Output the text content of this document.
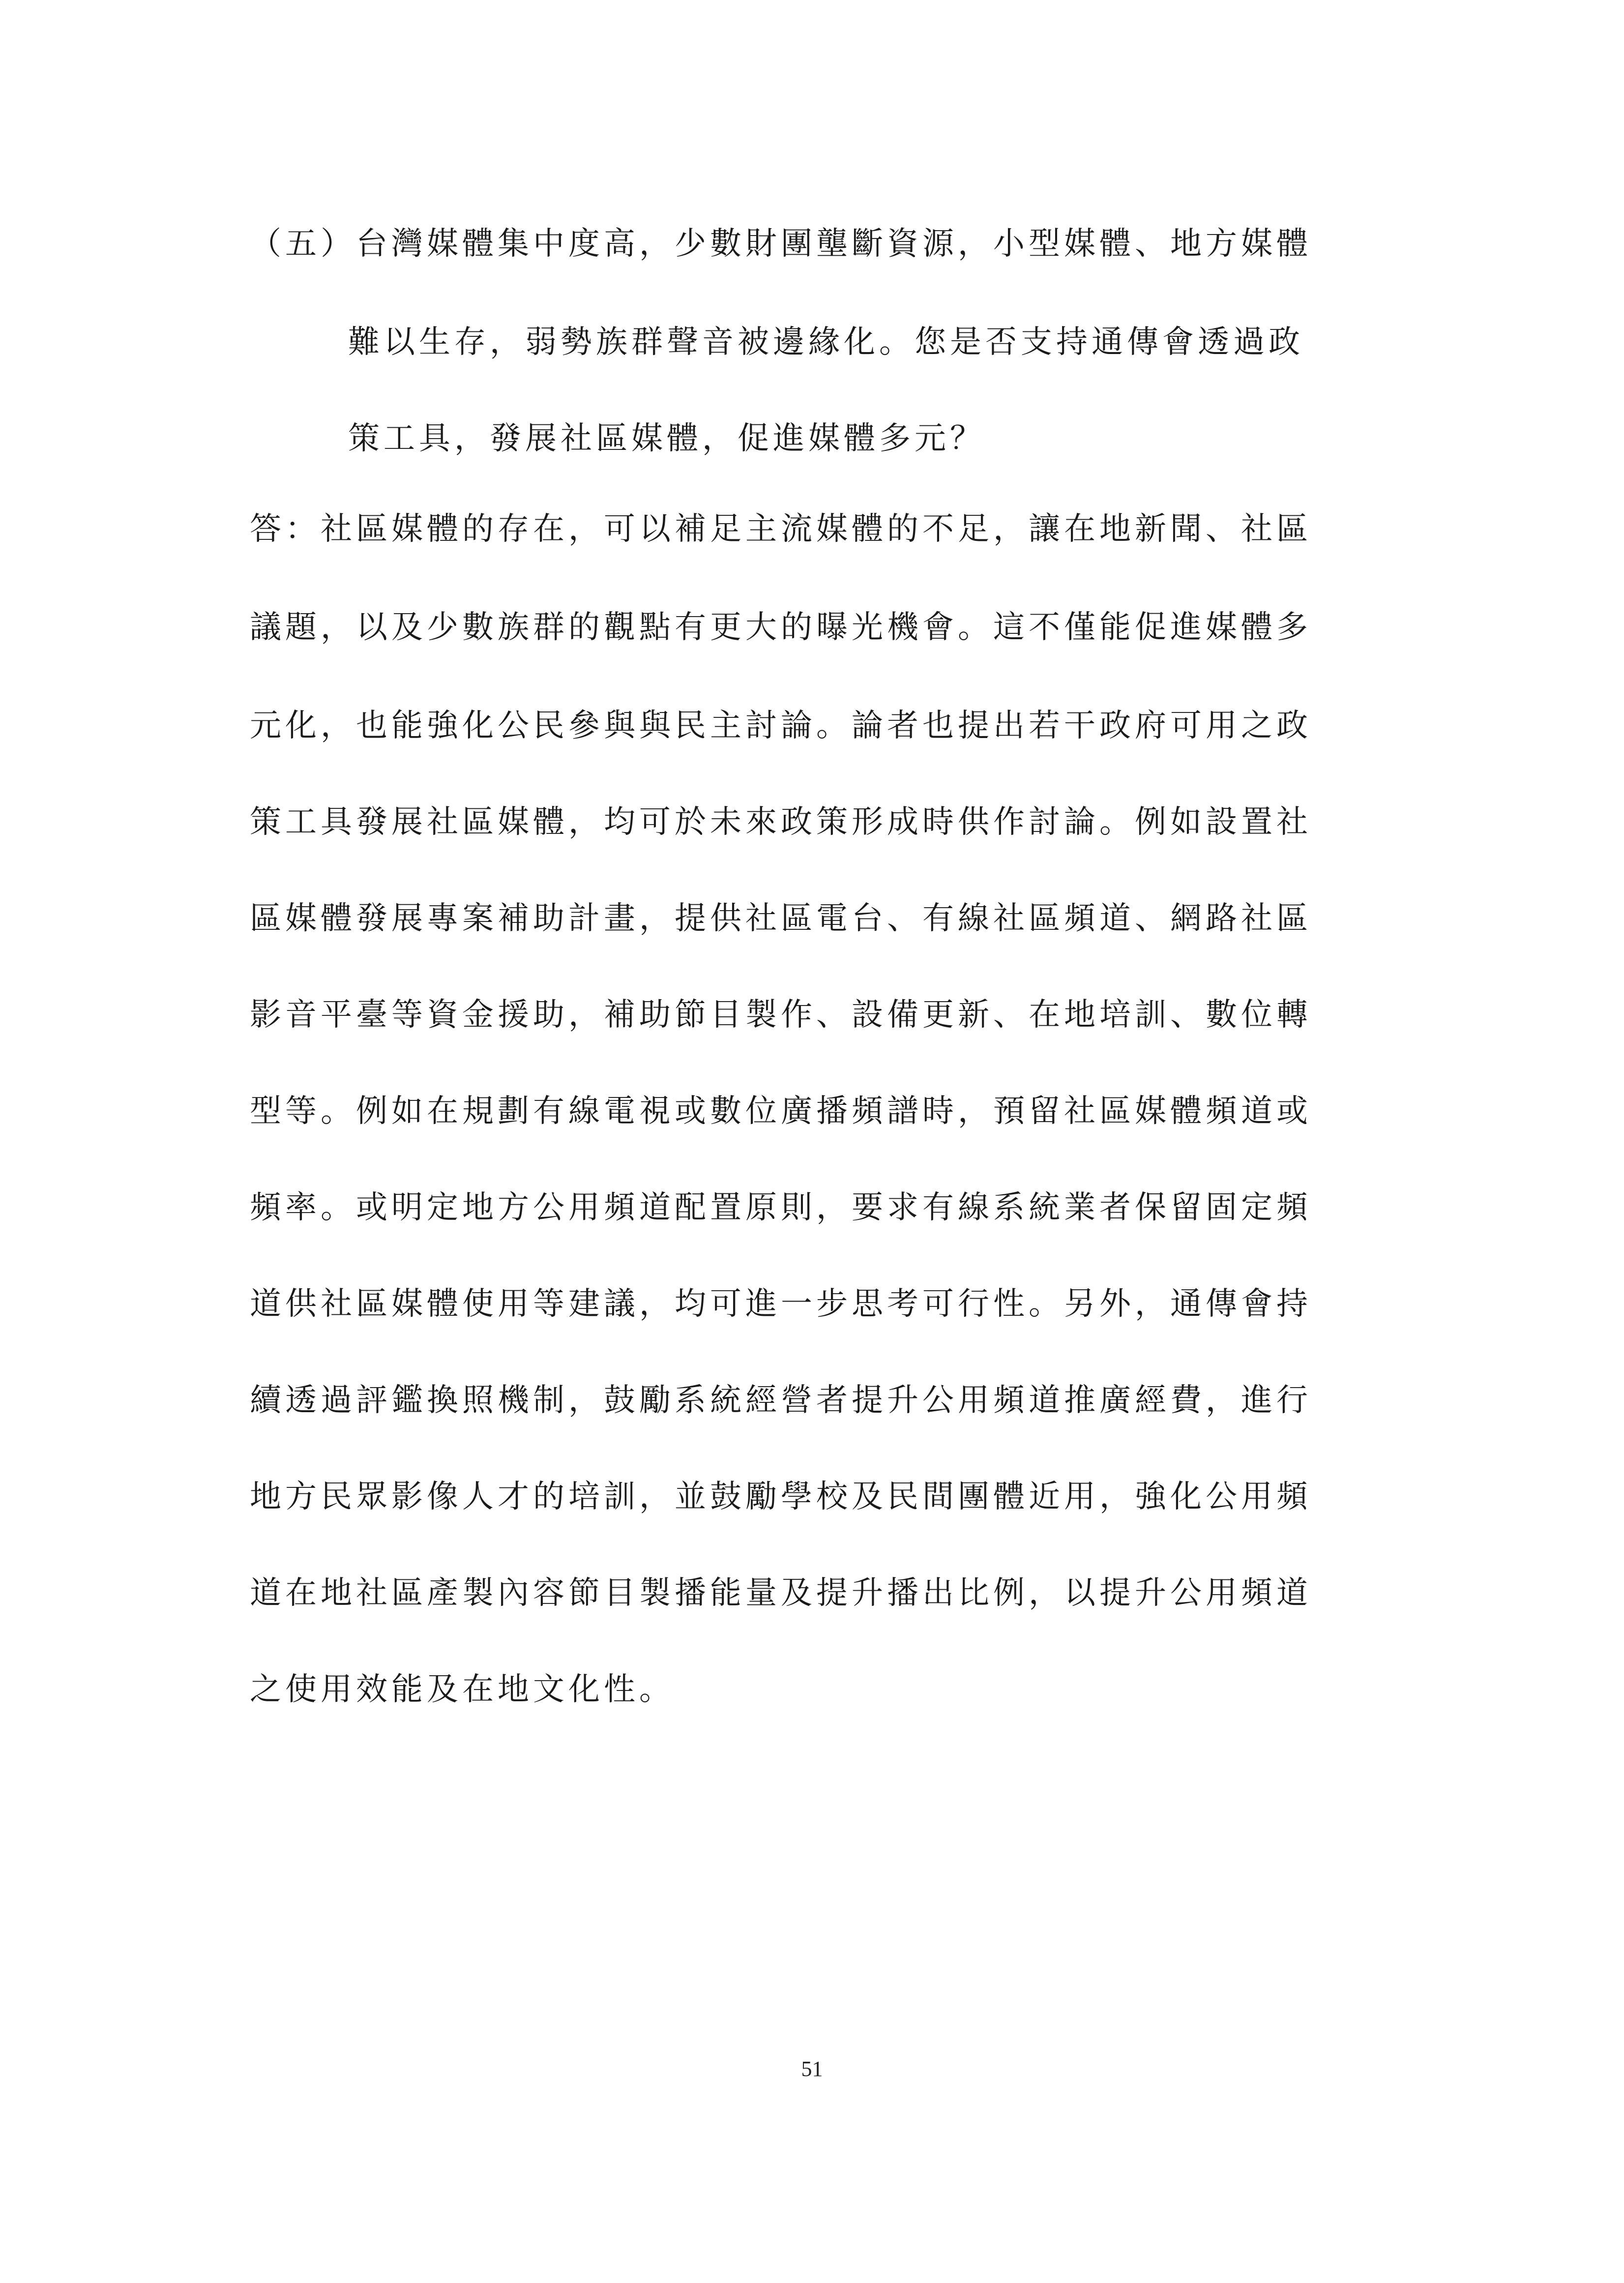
（五）台灣媒體集中度高，少數財團壟斷資源，小型媒體、地方媒體
難以生存，弱勢族群聲音被邊緣化。您是否支持通傳會透過政
策工具，發展社區媒體，促進媒體多元？
答：社區媒體的存在，可以補足主流媒體的不足，讓在地新聞、社區
議題，以及少數族群的觀點有更大的曝光機會。這不僅能促進媒體多
元化，也能強化公民參與與民主討論。論者也提出若干政府可用之政
策工具發展社區媒體，均可於未來政策形成時供作討論。例如設置社
區媒體發展專案補助計畫，提供社區電台、有線社區頻道、網路社區
影音平臺等資金援助，補助節目製作、設備更新、在地培訓、數位轉
型等。例如在規劃有線電視或數位廣播頻譜時，預留社區媒體頻道或
頻率。或明定地方公用頻道配置原則，要求有線系統業者保留固定頻
道供社區媒體使用等建議，均可進一步思考可行性。另外，通傳會持
續透過評鑑換照機制，鼓勵系統經營者提升公用頻道推廣經費，進行
地方民眾影像人才的培訓，並鼓勵學校及民間團體近用，強化公用頻
道在地社區產製內容節目製播能量及提升播出比例，以提升公用頻道
之使用效能及在地文化性。
51
